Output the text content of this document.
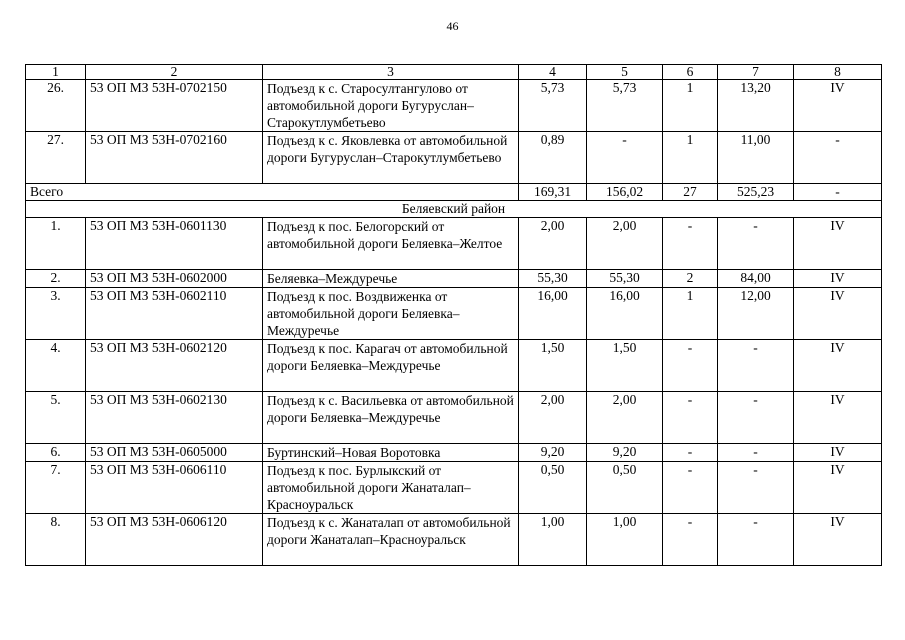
46
1	2	3	4	5	6	7	8
26.	53 ОП МЗ 53Н-0702150	Подъезд к с. Старосултангулово от автомобильной дороги Бугуруслан–Старокутлумбетьево	5,73	5,73	1	13,20	IV
27.	53 ОП МЗ 53Н-0702160	Подъезд к с. Яковлевка от автомобильной дороги Бугуруслан–Старокутлумбетьево	0,89	-	1	11,00	-
Всего			169,31	156,02	27	525,23	-
Беляевский район							
1.	53 ОП МЗ 53Н-0601130	Подъезд к пос. Белогорский от автомобильной дороги Беляевка–Желтое	2,00	2,00	-	-	IV
2.	53 ОП МЗ 53Н-0602000	Беляевка–Междуречье	55,30	55,30	2	84,00	IV
3.	53 ОП МЗ 53Н-0602110	Подъезд к пос. Воздвиженка от автомобильной дороги Беляевка–Междуречье	16,00	16,00	1	12,00	IV
4.	53 ОП МЗ 53Н-0602120	Подъезд к пос. Карагач от автомобильной дороги Беляевка–Междуречье	1,50	1,50	-	-	IV
5.	53 ОП МЗ 53Н-0602130	Подъезд к с. Васильевка от автомобильной дороги Беляевка–Междуречье	2,00	2,00	-	-	IV
6.	53 ОП МЗ 53Н-0605000	Буртинский–Новая Воротовка	9,20	9,20	-	-	IV
7.	53 ОП МЗ 53Н-0606110	Подъезд к пос. Бурлыкский от автомобильной дороги Жанаталап–Красноуральск	0,50	0,50	-	-	IV
8.	53 ОП МЗ 53Н-0606120	Подъезд к с. Жанаталап от автомобильной дороги Жанаталап–Красноуральск	1,00	1,00	-	-	IV
